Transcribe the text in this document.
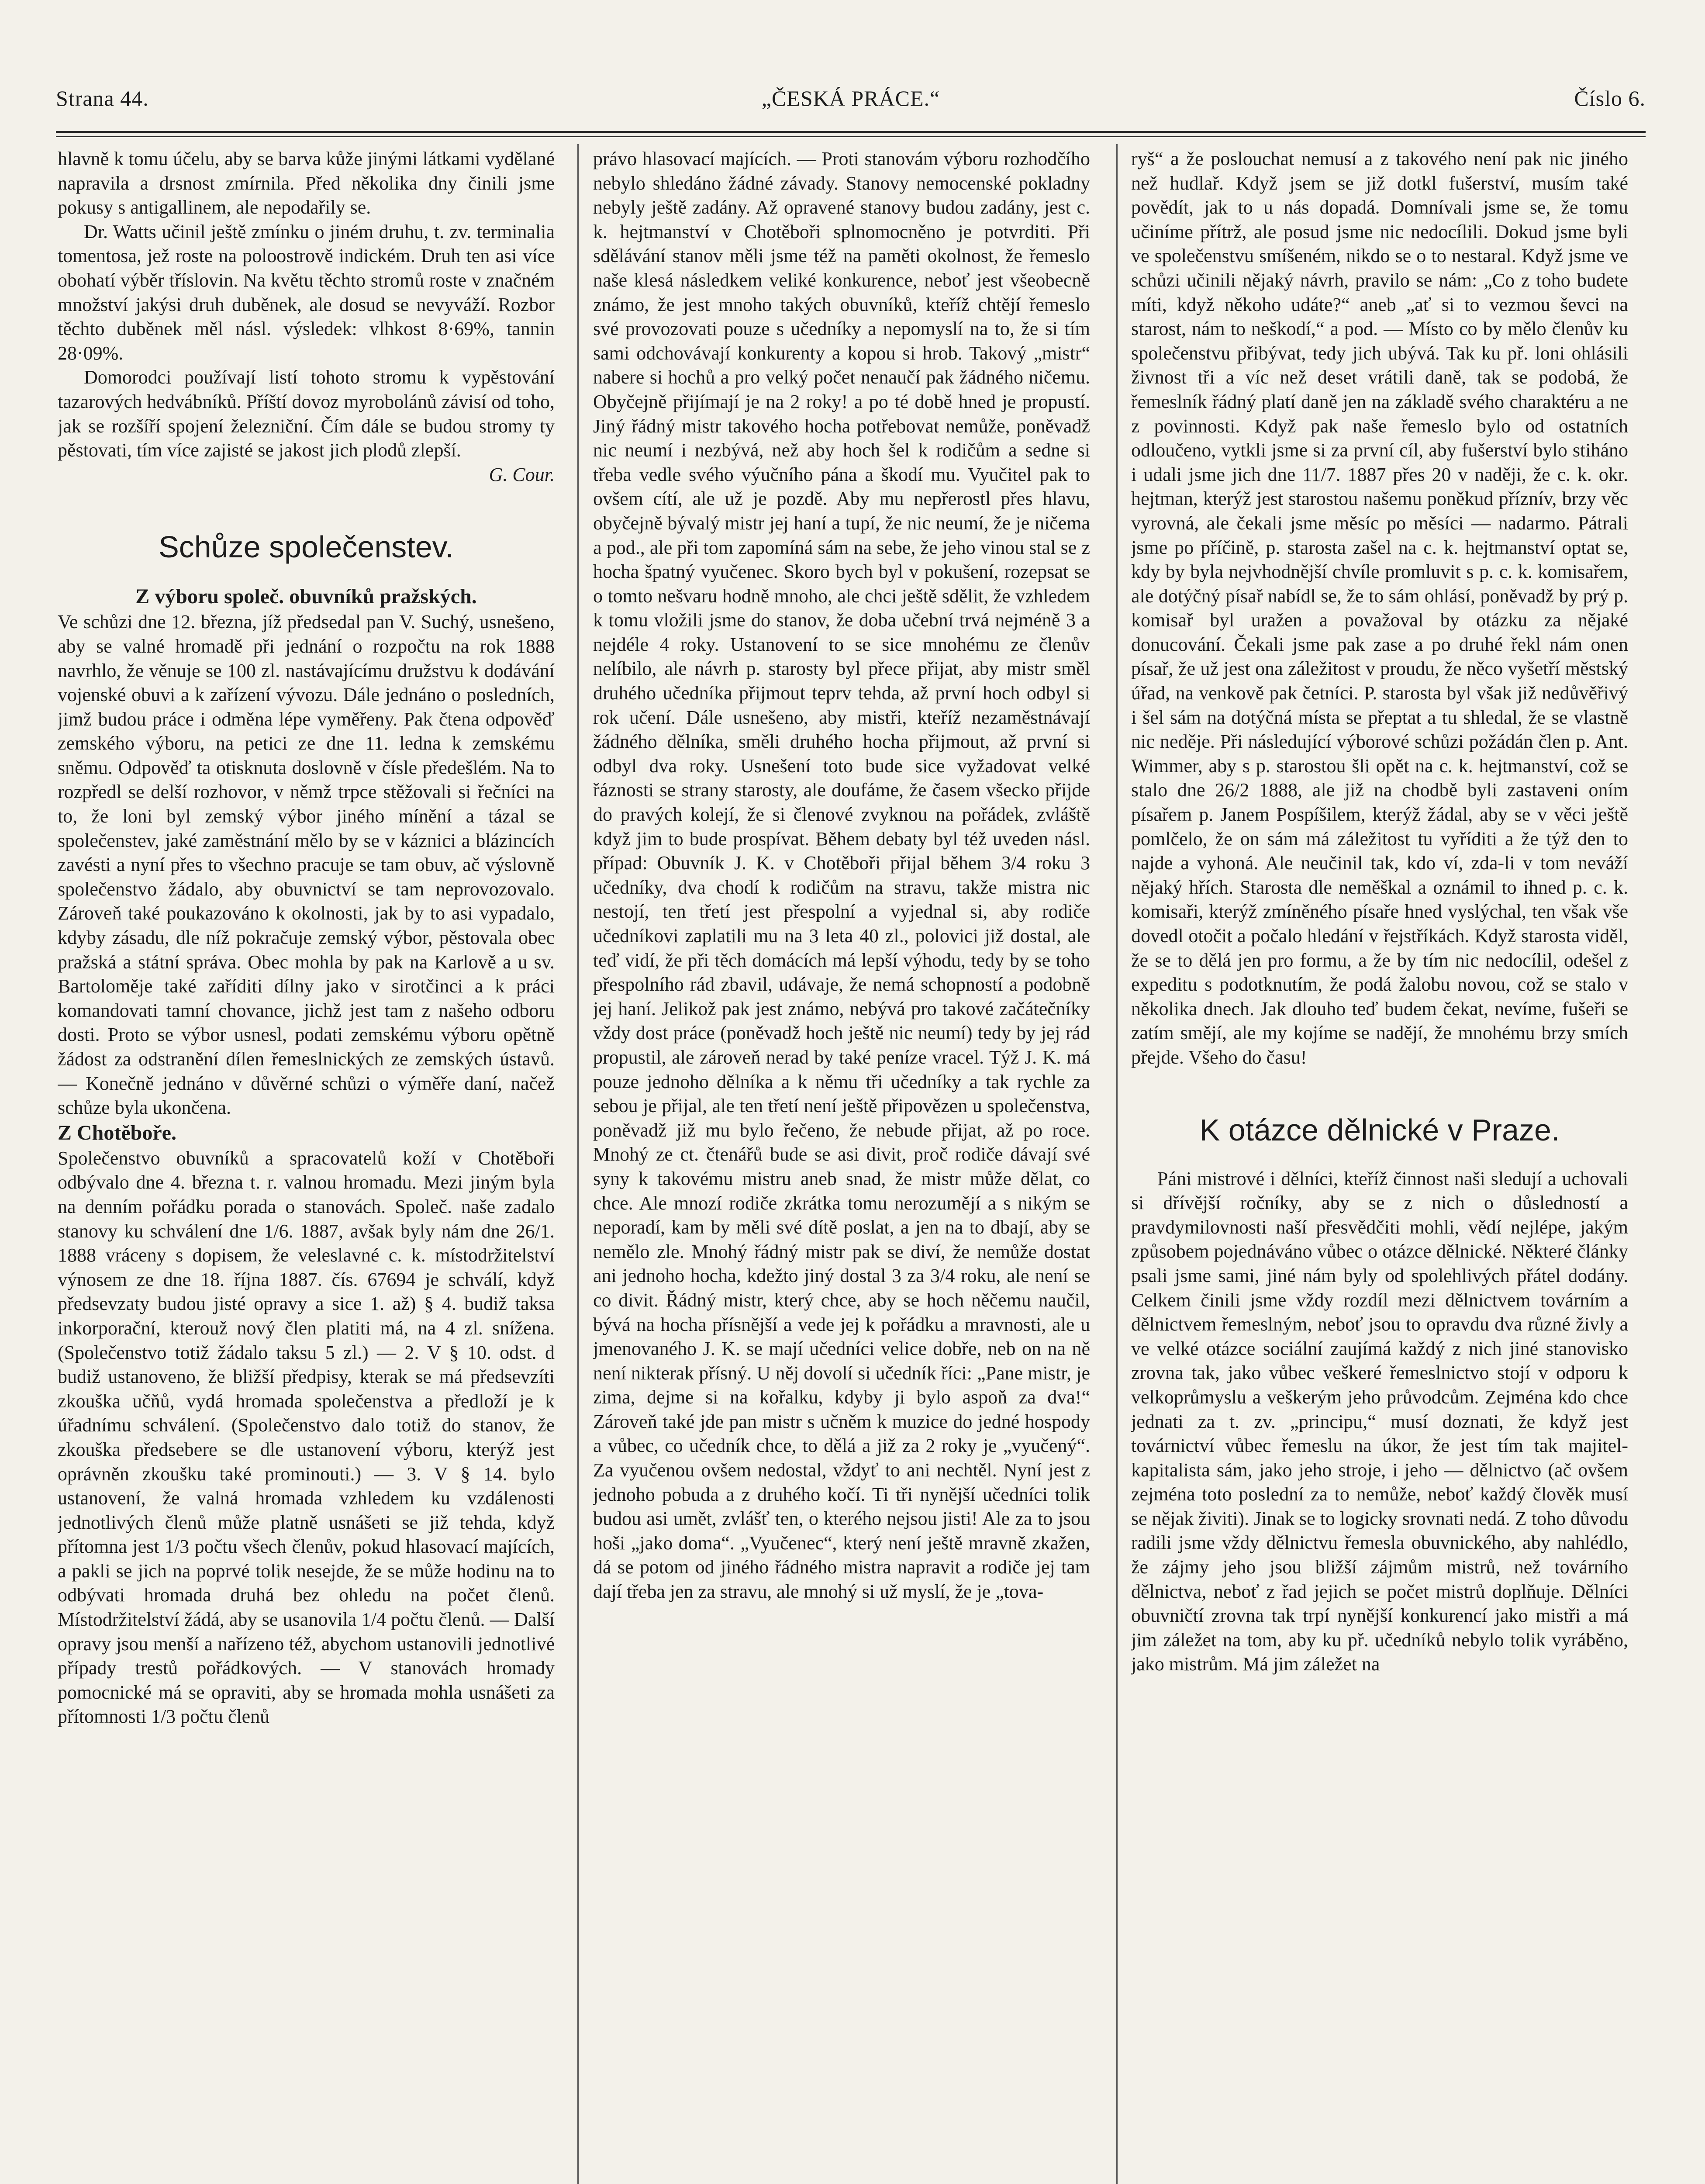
Strana 44.	„ČESKÁ PRÁCE.“	Číslo 6.

hlavně k tomu účelu, aby se barva kůže jinými látkami vydělané napravila a drsnost zmírnila. Před několika dny činili jsme pokusy s antigallinem, ale nepodařily se.

Dr. Watts učinil ještě zmínku o jiném druhu, t. zv. terminalia tomentosa, jež roste na poloostrově indickém. Druh ten asi více obohatí výběr tříslovin. Na květu těchto stromů roste v značném množství jakýsi druh duběnek, ale dosud se nevyváží. Rozbor těchto duběnek měl násl. výsledek: vlhkost 8·69%, tannin 28·09%.

Domorodci používají listí tohoto stromu k vypěstování tazarových hedvábníků. Příští dovoz myrobolánů závisí od toho, jak se rozšíří spojení železniční. Čím dále se budou stromy ty pěstovati, tím více zajisté se jakost jich plodů zlepší.

G. Cour.

Schůze společenstev.

Z výboru společ. obuvníků pražských.

Ve schůzi dne 12. března, jíž předsedal pan V. Suchý, usnešeno, aby se valné hromadě při jednání o rozpočtu na rok 1888 navrhlo, že věnuje se 100 zl. nastávajícímu družstvu k dodávání vojenské obuvi a k zařízení vývozu. Dále jednáno o posledních, jimž budou práce i odměna lépe vyměřeny. Pak čtena odpověď zemského výboru, na petici ze dne 11. ledna k zemskému sněmu. Odpověď ta otisknuta doslovně v čísle předešlém. Na to rozpředl se delší rozhovor, v němž trpce stěžovali si řečníci na to, že loni byl zemský výbor jiného mínění a tázal se společenstev, jaké zaměstnání mělo by se v káznici a blázincích zavésti a nyní přes to všechno pracuje se tam obuv, ač výslovně společenstvo žádalo, aby obuvnictví se tam neprovozovalo. Zároveň také poukazováno k okolnosti, jak by to asi vypadalo, kdyby zásadu, dle níž pokračuje zemský výbor, pěstovala obec pražská a státní správa. Obec mohla by pak na Karlově a u sv. Bartoloměje také zaříditi dílny jako v sirotčinci a k práci komandovati tamní chovance, jichž jest tam z našeho odboru dosti. Proto se výbor usnesl, podati zemskému výboru opětně žádost za odstranění dílen řemeslnických ze zemských ústavů. — Konečně jednáno v důvěrné schůzi o výměře daní, načež schůze byla ukončena.

Z Chotěboře.

Společenstvo obuvníků a spracovatelů koží v Chotěboři odbývalo dne 4. března t. r. valnou hromadu. Mezi jiným byla na denním pořádku porada o stanovách. Společ. naše zadalo stanovy ku schválení dne 1/6. 1887, avšak byly nám dne 26/1. 1888 vráceny s dopisem, že veleslavné c. k. místodržitelství výnosem ze dne 18. října 1887. čís. 67694 je schválí, když předsevzaty budou jisté opravy a sice 1. až) § 4. budiž taksa inkorporační, kterouž nový člen platiti má, na 4 zl. snížena. (Společenstvo totiž žádalo taksu 5 zl.) — 2. V § 10. odst. d budiž ustanoveno, že bližší předpisy, kterak se má předsevzíti zkouška učňů, vydá hromada společenstva a předloží je k úřadnímu schválení. (Společenstvo dalo totiž do stanov, že zkouška předsebere se dle ustanovení výboru, kterýž jest oprávněn zkoušku také prominouti.) — 3. V § 14. bylo ustanovení, že valná hromada vzhledem ku vzdálenosti jednotlivých členů může platně usnášeti se již tehda, když přítomna jest 1/3 počtu všech členův, pokud hlasovací majících, a pakli se jich na poprvé tolik nesejde, že se může hodinu na to odbývati hromada druhá bez ohledu na počet členů. Místodržitelství žádá, aby se usanovila 1/4 počtu členů. — Další opravy jsou menší a nařízeno též, abychom ustanovili jednotlivé případy trestů pořádkových. — V stanovách hromady pomocnické má se opraviti, aby se hromada mohla usnášeti za přítomnosti 1/3 počtu členů

právo hlasovací majících. — Proti stanovám výboru rozhodčího nebylo shledáno žádné závady. Stanovy nemocenské pokladny nebyly ještě zadány. Až opravené stanovy budou zadány, jest c. k. hejtmanství v Chotěboři splnomocněno je potvrditi. Při sdělávání stanov měli jsme též na paměti okolnost, že řemeslo naše klesá následkem veliké konkurence, neboť jest všeobecně známo, že jest mnoho takých obuvníků, kteříž chtějí řemeslo své provozovati pouze s učedníky a nepomyslí na to, že si tím sami odchovávají konkurenty a kopou si hrob. Takový „mistr“ nabere si hochů a pro velký počet nenaučí pak žádného ničemu. Obyčejně přijímají je na 2 roky! a po té době hned je propustí. Jiný řádný mistr takového hocha potřebovat nemůže, poněvadž nic neumí i nezbývá, než aby hoch šel k rodičům a sedne si třeba vedle svého výučního pána a škodí mu. Vyučitel pak to ovšem cítí, ale už je pozdě. Aby mu nepřerostl přes hlavu, obyčejně bývalý mistr jej haní a tupí, že nic neumí, že je ničema a pod., ale při tom zapomíná sám na sebe, že jeho vinou stal se z hocha špatný vyučenec. Skoro bych byl v pokušení, rozepsat se o tomto nešvaru hodně mnoho, ale chci ještě sdělit, že vzhledem k tomu vložili jsme do stanov, že doba učební trvá nejméně 3 a nejdéle 4 roky. Ustanovení to se sice mnohému ze členův nelíbilo, ale návrh p. starosty byl přece přijat, aby mistr směl druhého učedníka přijmout teprv tehda, až první hoch odbyl si rok učení. Dále usnešeno, aby mistři, kteříž nezaměstnávají žádného dělníka, směli druhého hocha přijmout, až první si odbyl dva roky. Usnešení toto bude sice vyžadovat velké řáznosti se strany starosty, ale doufáme, že časem všecko přijde do pravých kolejí, že si členové zvyknou na pořádek, zvláště když jim to bude prospívat. Během debaty byl též uveden násl. případ: Obuvník J. K. v Chotěboři přijal během 3/4 roku 3 učedníky, dva chodí k rodičům na stravu, takže mistra nic nestojí, ten třetí jest přespolní a vyjednal si, aby rodiče učedníkovi zaplatili mu na 3 leta 40 zl., polovici již dostal, ale teď vidí, že při těch domácích má lepší výhodu, tedy by se toho přespolního rád zbavil, udávaje, že nemá schopností a podobně jej haní. Jelikož pak jest známo, nebývá pro takové začátečníky vždy dost práce (poněvadž hoch ještě nic neumí) tedy by jej rád propustil, ale zároveň nerad by také peníze vracel. Týž J. K. má pouze jednoho dělníka a k němu tři učedníky a tak rychle za sebou je přijal, ale ten třetí není ještě připovězen u společenstva, poněvadž již mu bylo řečeno, že nebude přijat, až po roce. Mnohý ze ct. čtenářů bude se asi divit, proč rodiče dávají své syny k takovému mistru aneb snad, že mistr může dělat, co chce. Ale mnozí rodiče zkrátka tomu nerozumějí a s nikým se neporadí, kam by měli své dítě poslat, a jen na to dbají, aby se nemělo zle. Mnohý řádný mistr pak se diví, že nemůže dostat ani jednoho hocha, kdežto jiný dostal 3 za 3/4 roku, ale není se co divit. Řádný mistr, který chce, aby se hoch něčemu naučil, bývá na hocha přísnější a vede jej k pořádku a mravnosti, ale u jmenovaného J. K. se mají učedníci velice dobře, neb on na ně není nikterak přísný. U něj dovolí si učedník říci: „Pane mistr, je zima, dejme si na kořalku, kdyby ji bylo aspoň za dva!“ Zároveň také jde pan mistr s učněm k muzice do jedné hospody a vůbec, co učedník chce, to dělá a již za 2 roky je „vyučený“. Za vyučenou ovšem nedostal, vždyť to ani nechtěl. Nyní jest z jednoho pobuda a z druhého kočí. Ti tři nynější učedníci tolik budou asi umět, zvlášť ten, o kterého nejsou jisti! Ale za to jsou hoši „jako doma“. „Vyučenec“, který není ještě mravně zkažen, dá se potom od jiného řádného mistra napravit a rodiče jej tam dají třeba jen za stravu, ale mnohý si už myslí, že je „tova-

ryš“ a že poslouchat nemusí a z takového není pak nic jiného než hudlař. Když jsem se již dotkl fušerství, musím také povědít, jak to u nás dopadá. Domnívali jsme se, že tomu učiníme přítrž, ale posud jsme nic nedocílili. Dokud jsme byli ve společenstvu smíšeném, nikdo se o to nestaral. Když jsme ve schůzi učinili nějaký návrh, pravilo se nám: „Co z toho budete míti, když někoho udáte?“ aneb „ať si to vezmou ševci na starost, nám to neškodí,“ a pod. — Místo co by mělo členův ku společenstvu přibývat, tedy jich ubývá. Tak ku př. loni ohlásili živnost tři a víc než deset vrátili daně, tak se podobá, že řemeslník řádný platí daně jen na základě svého charaktéru a ne z povinnosti. Když pak naše řemeslo bylo od ostatních odloučeno, vytkli jsme si za první cíl, aby fušerství bylo stiháno i udali jsme jich dne 11/7. 1887 přes 20 v naději, že c. k. okr. hejtman, kterýž jest starostou našemu poněkud příznív, brzy věc vyrovná, ale čekali jsme měsíc po měsíci — nadarmo. Pátrali jsme po příčině, p. starosta zašel na c. k. hejtmanství optat se, kdy by byla nejvhodnější chvíle promluvit s p. c. k. komisařem, ale dotýčný písař nabídl se, že to sám ohlásí, poněvadž by prý p. komisař byl uražen a považoval by otázku za nějaké donucování. Čekali jsme pak zase a po druhé řekl nám onen písař, že už jest ona záležitost v proudu, že něco vyšetří městský úřad, na venkově pak četníci. P. starosta byl však již nedůvěřivý i šel sám na dotýčná místa se přeptat a tu shledal, že se vlastně nic neděje. Při následující výborové schůzi požádán člen p. Ant. Wimmer, aby s p. starostou šli opět na c. k. hejtmanství, což se stalo dne 26/2 1888, ale již na chodbě byli zastaveni oním písařem p. Janem Pospíšilem, kterýž žádal, aby se v věci ještě pomlčelo, že on sám má záležitost tu vyříditi a že týž den to najde a vyhoná. Ale neučinil tak, kdo ví, zda-li v tom neváží nějaký hřích. Starosta dle neměškal a oznámil to ihned p. c. k. komisaři, kterýž zmíněného písaře hned vyslýchal, ten však vše dovedl otočit a počalo hledání v řejstříkách. Když starosta viděl, že se to dělá jen pro formu, a že by tím nic nedocílil, odešel z expeditu s podotknutím, že podá žalobu novou, což se stalo v několika dnech. Jak dlouho teď budem čekat, nevíme, fušeři se zatím smějí, ale my kojíme se nadějí, že mnohému brzy smích přejde. Všeho do času!

K otázce dělnické v Praze.

Páni mistrové i dělníci, kteříž činnost naši sledují a uchovali si dřívější ročníky, aby se z nich o důsledností a pravdymilovnosti naší přesvědčiti mohli, vědí nejlépe, jakým způsobem pojednáváno vůbec o otázce dělnické. Některé články psali jsme sami, jiné nám byly od spolehlivých přátel dodány. Celkem činili jsme vždy rozdíl mezi dělnictvem továrním a dělnictvem řemeslným, neboť jsou to opravdu dva různé živly a ve velké otázce sociální zaujímá každý z nich jiné stanovisko zrovna tak, jako vůbec veškeré řemeslnictvo stojí v odporu k velkoprůmyslu a veškerým jeho průvodcům. Zejména kdo chce jednati za t. zv. „principu,“ musí doznati, že když jest továrnictví vůbec řemeslu na úkor, že jest tím tak majitel-kapitalista sám, jako jeho stroje, i jeho — dělnictvo (ač ovšem zejména toto poslední za to nemůže, neboť každý člověk musí se nějak živiti). Jinak se to logicky srovnati nedá. Z toho důvodu radili jsme vždy dělnictvu řemesla obuvnického, aby nahlédlo, že zájmy jeho jsou bližší zájmům mistrů, než továrního dělnictva, neboť z řad jejich se počet mistrů doplňuje. Dělníci obuvničtí zrovna tak trpí nynější konkurencí jako mistři a má jim záležet na tom, aby ku př. učedníků nebylo tolik vyráběno, jako mistrům. Má jim záležet na
